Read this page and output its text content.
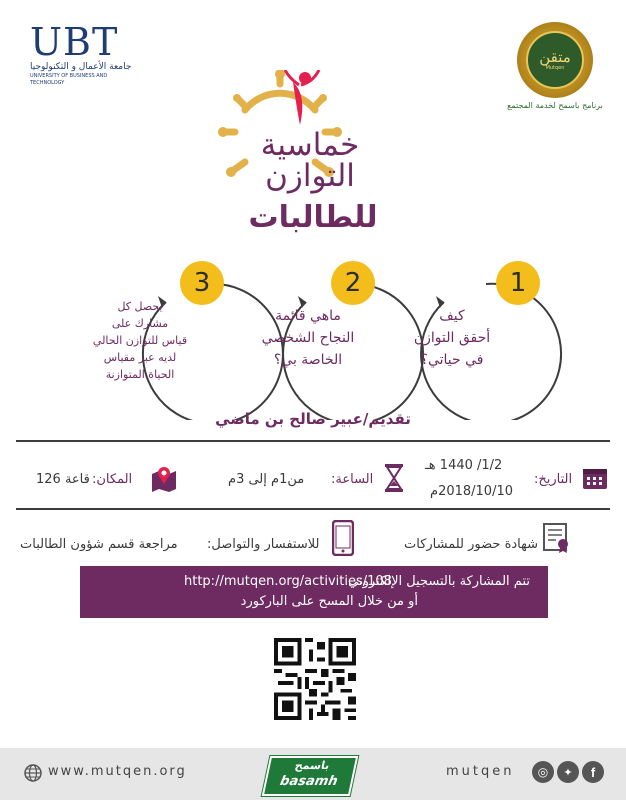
UBT
جامعة الأعمال و التكنولوجيا
UNIVERSITY OF BUSINESS AND TECHNOLOGY
متقن
Mutqen
برنامج باسمح لخدمة المجتمع
خماسية
التوازن
للطالبات
1
كيف
أحقق التوازن
في حياتي؟
2
ماهي قائمة
النجاح الشخصي
الخاصة بي؟
3
يحصل كل
مشارك على
قياس للتوازن الحالي
لديه عبر مقياس
الحياة المتوازنة
تقديم/عبير صالح بن ماضي
التاريخ:
1/2/ 1440 هـ
2018/10/10م
الساعة:
من1م إلى 3م
المكان:
قاعة 126
شهادة حضور للمشاركات
للاستفسار والتواصل:
مراجعة قسم شؤون الطالبات
تتم المشاركة بالتسجيل الإلكتروني
http://mutqen.org/activities/108
أو من خلال المسح على الباركورد
www.mutqen.org	باسمح
basamh
mutqen	◎	✦	f
